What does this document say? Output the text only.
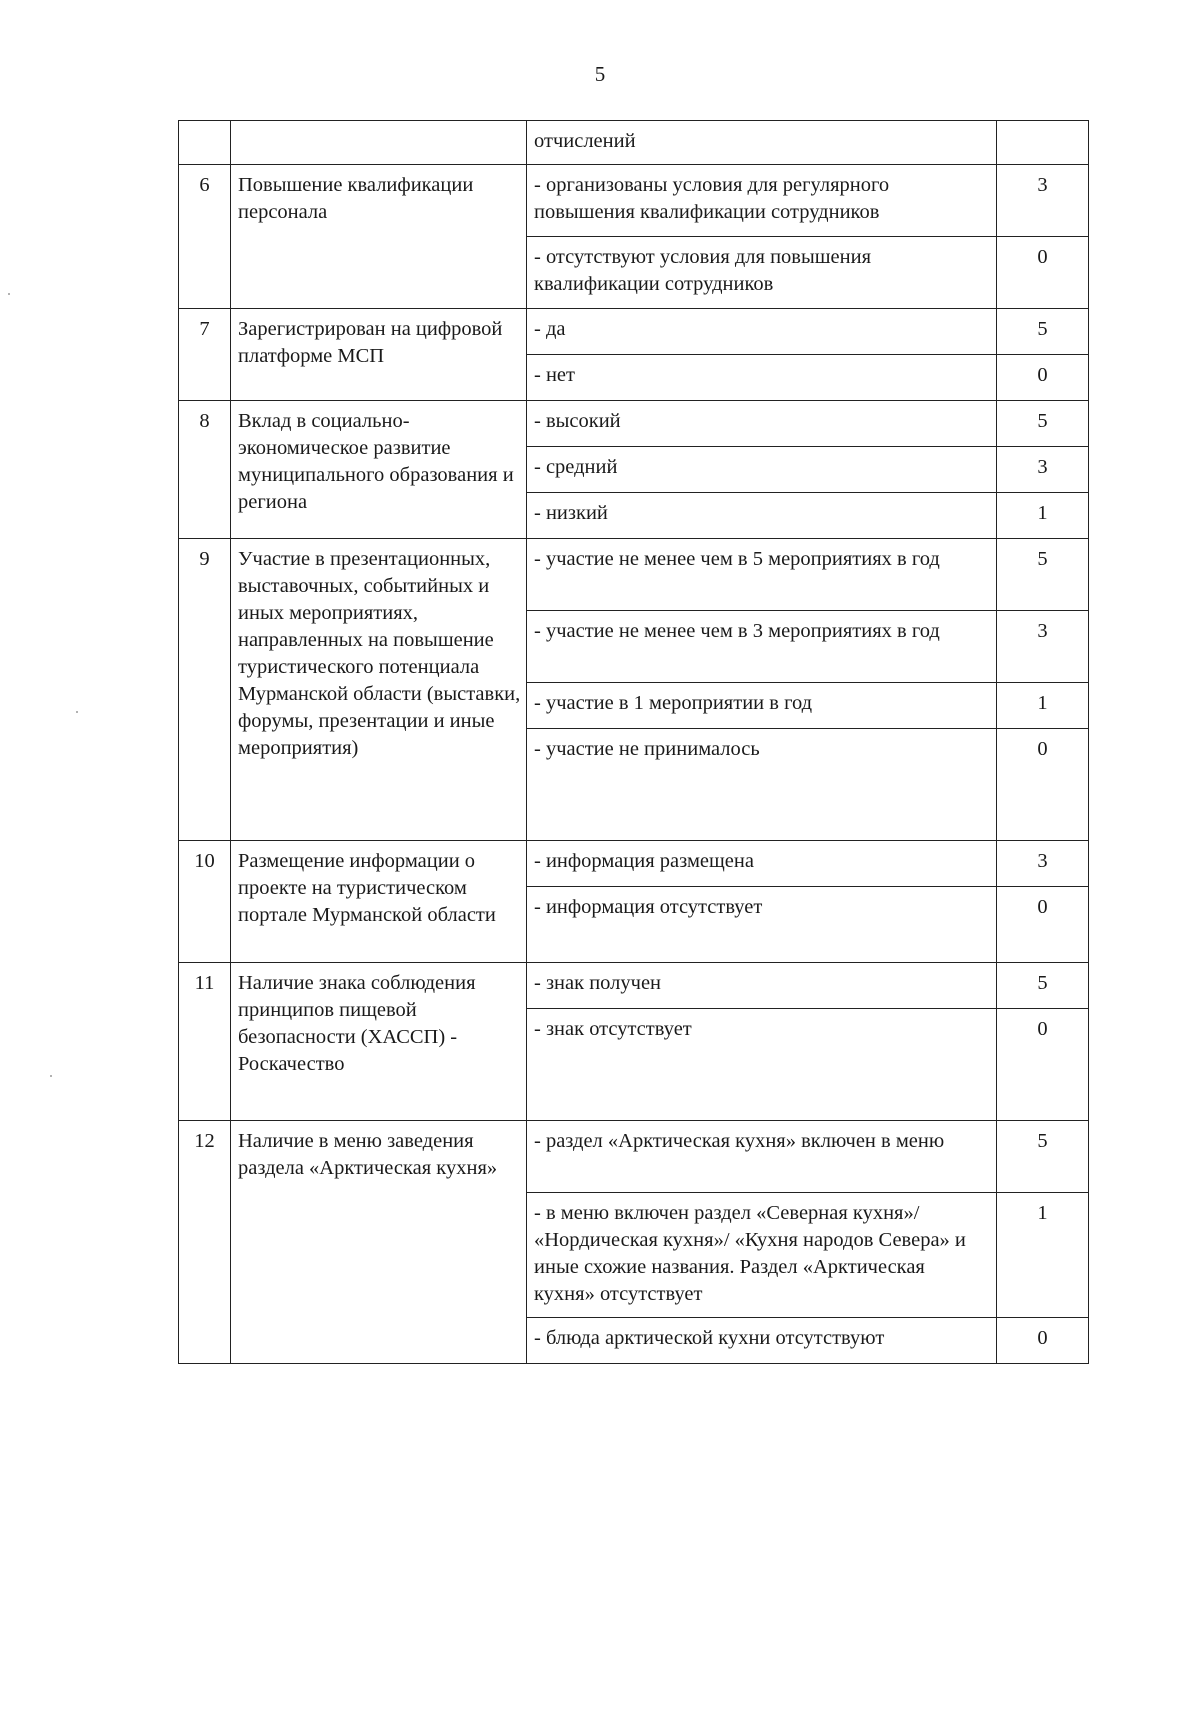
5
		отчислений	
6	Повышение квалификации персонала	- организованы условия для регулярного повышения квалификации сотрудников	3
		- отсутствуют условия для повышения квалификации сотрудников	0
7	Зарегистрирован на цифровой платформе МСП	- да	5
		- нет	0
8	Вклад в социально-экономическое развитие муниципального образования и региона	- высокий	5
		- средний	3
		- низкий	1
9	Участие в презентационных, выставочных, событийных и иных мероприятиях, направленных на повышение туристического потенциала Мурманской области (выставки, форумы, презентации и иные мероприятия)	- участие не менее чем в 5 мероприятиях в год	5
		- участие не менее чем в 3 мероприятиях в год	3
		- участие в 1 мероприятии в год	1
		- участие не принималось	0
10	Размещение информации о проекте на туристическом портале Мурманской области	- информация размещена	3
		- информация отсутствует	0
11	Наличие знака соблюдения принципов пищевой безопасности (ХАССП) - Роскачество	- знак получен	5
		- знак отсутствует	0
12	Наличие в меню заведения раздела «Арктическая кухня»	- раздел «Арктическая кухня» включен в меню	5
		- в меню включен раздел «Северная кухня»/ «Нордическая кухня»/ «Кухня народов Севера» и иные схожие названия. Раздел «Арктическая кухня» отсутствует	1
		- блюда арктической кухни отсутствуют	0
